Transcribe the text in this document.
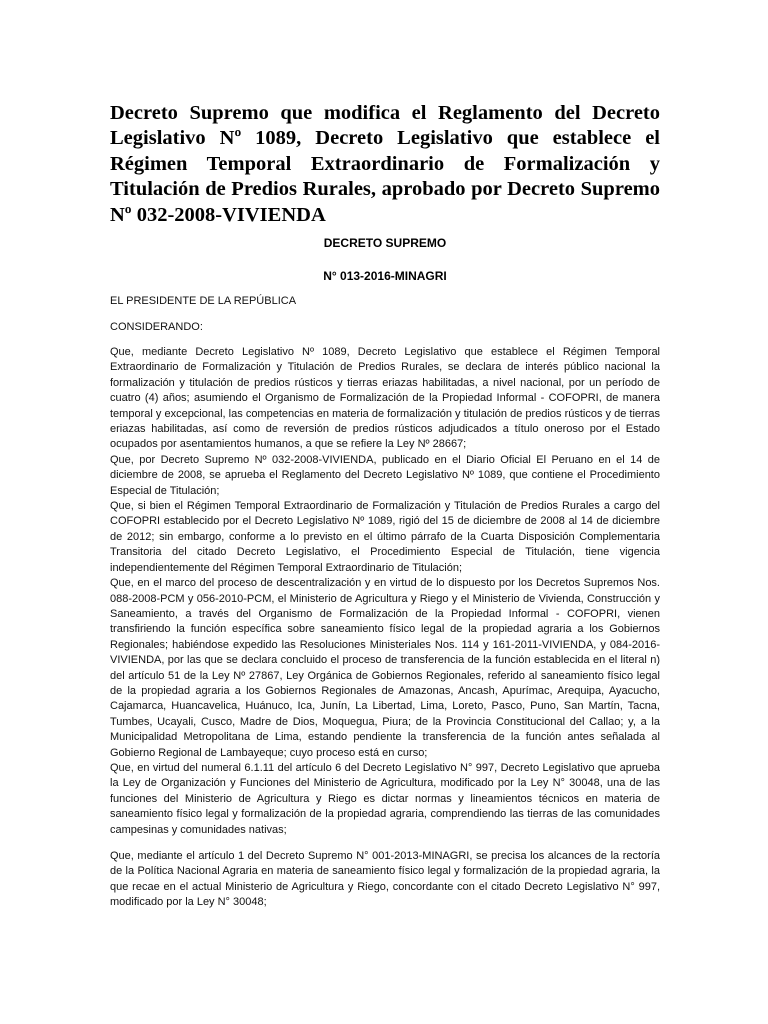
Decreto Supremo que modifica el Reglamento del Decreto Legislativo Nº 1089, Decreto Legislativo que establece el Régimen Temporal Extraordinario de Formalización y Titulación de Predios Rurales, aprobado por Decreto Supremo Nº 032-2008-VIVIENDA
DECRETO SUPREMO
N° 013-2016-MINAGRI
EL PRESIDENTE DE LA REPÚBLICA
CONSIDERANDO:

Que, mediante Decreto Legislativo Nº 1089, Decreto Legislativo que establece el Régimen Temporal Extraordinario de Formalización y Titulación de Predios Rurales, se declara de interés público nacional la formalización y titulación de predios rústicos y tierras eriazas habilitadas, a nivel nacional, por un período de cuatro (4) años; asumiendo el Organismo de Formalización de la Propiedad Informal - COFOPRI, de manera temporal y excepcional, las competencias en materia de formalización y titulación de predios rústicos y de tierras eriazas habilitadas, así como de reversión de predios rústicos adjudicados a título oneroso por el Estado ocupados por asentamientos humanos, a que se refiere la Ley Nº 28667;

Que, por Decreto Supremo Nº 032-2008-VIVIENDA, publicado en el Diario Oficial El Peruano en el 14 de diciembre de 2008, se aprueba el Reglamento del Decreto Legislativo Nº 1089, que contiene el Procedimiento Especial de Titulación;

Que, si bien el Régimen Temporal Extraordinario de Formalización y Titulación de Predios Rurales a cargo del COFOPRI establecido por el Decreto Legislativo Nº 1089, rigió del 15 de diciembre de 2008 al 14 de diciembre de 2012; sin embargo, conforme a lo previsto en el último párrafo de la Cuarta Disposición Complementaria Transitoria del citado Decreto Legislativo, el Procedimiento Especial de Titulación, tiene vigencia independientemente del Régimen Temporal Extraordinario de Titulación;

Que, en el marco del proceso de descentralización y en virtud de lo dispuesto por los Decretos Supremos Nos. 088-2008-PCM y 056-2010-PCM, el Ministerio de Agricultura y Riego y el Ministerio de Vivienda, Construcción y Saneamiento, a través del Organismo de Formalización de la Propiedad Informal - COFOPRI, vienen transfiriendo la función específica sobre saneamiento físico legal de la propiedad agraria a los Gobiernos Regionales; habiéndose expedido las Resoluciones Ministeriales Nos. 114 y 161-2011-VIVIENDA, y 084-2016-VIVIENDA, por las que se declara concluido el proceso de transferencia de la función establecida en el literal n) del artículo 51 de la Ley Nº 27867, Ley Orgánica de Gobiernos Regionales, referido al saneamiento físico legal de la propiedad agraria a los Gobiernos Regionales de Amazonas, Ancash, Apurímac, Arequipa, Ayacucho, Cajamarca, Huancavelica, Huánuco, Ica, Junín, La Libertad, Lima, Loreto, Pasco, Puno, San Martín, Tacna, Tumbes, Ucayali, Cusco, Madre de Dios, Moquegua, Piura; de la Provincia Constitucional del Callao; y, a la Municipalidad Metropolitana de Lima, estando pendiente la transferencia de la función antes señalada al Gobierno Regional de Lambayeque; cuyo proceso está en curso;

Que, en virtud del numeral 6.1.11 del artículo 6 del Decreto Legislativo N° 997, Decreto Legislativo que aprueba la Ley de Organización y Funciones del Ministerio de Agricultura, modificado por la Ley N° 30048, una de las funciones del Ministerio de Agricultura y Riego es dictar normas y lineamientos técnicos en materia de saneamiento físico legal y formalización de la propiedad agraria, comprendiendo las tierras de las comunidades campesinas y comunidades nativas;

Que, mediante el artículo 1 del Decreto Supremo N° 001-2013-MINAGRI, se precisa los alcances de la rectoría de la Política Nacional Agraria en materia de saneamiento físico legal y formalización de la propiedad agraria, la que recae en el actual Ministerio de Agricultura y Riego, concordante con el citado Decreto Legislativo N° 997, modificado por la Ley N° 30048;
